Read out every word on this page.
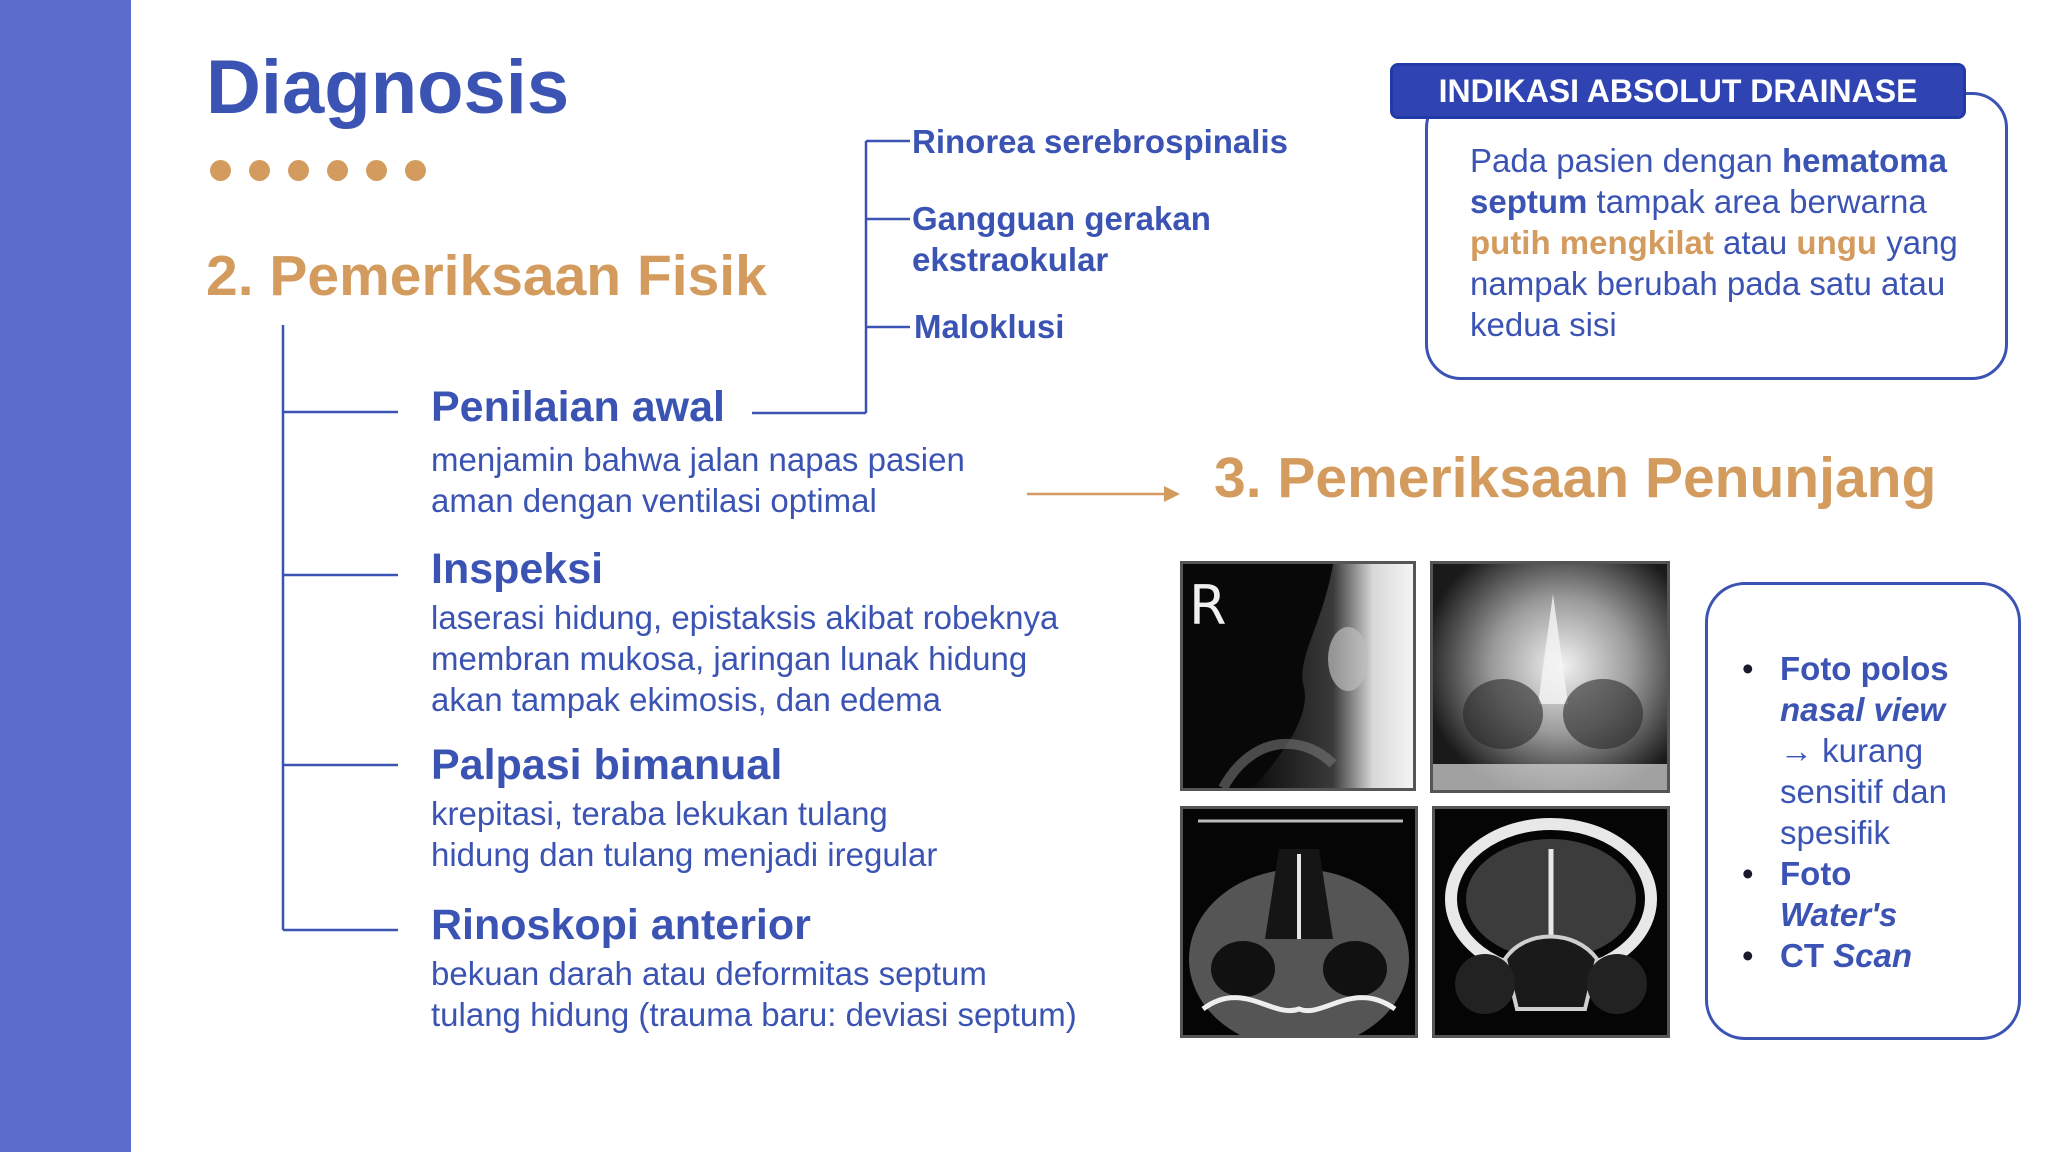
Diagnosis
2. Pemeriksaan Fisik
Penilaian awal
menjamin bahwa jalan napas pasien
aman dengan ventilasi optimal
Inspeksi
laserasi hidung, epistaksis akibat robeknya
membran mukosa, jaringan lunak hidung
akan tampak ekimosis, dan edema
Palpasi bimanual
krepitasi, teraba lekukan tulang
hidung dan tulang menjadi iregular
Rinoskopi anterior
bekuan darah atau deformitas septum
tulang hidung (trauma baru: deviasi septum)
Rinorea serebrospinalis
Gangguan gerakan
ekstraokular
Maloklusi
INDIKASI ABSOLUT DRAINASE
Pada pasien dengan hematoma septum tampak area berwarna putih mengkilat atau ungu yang nampak berubah pada satu atau kedua sisi
3. Pemeriksaan Penunjang
R
• Foto polos
nasal view
→ kurang
sensitif dan
spesifik
• Foto
Water's
• CT Scan
